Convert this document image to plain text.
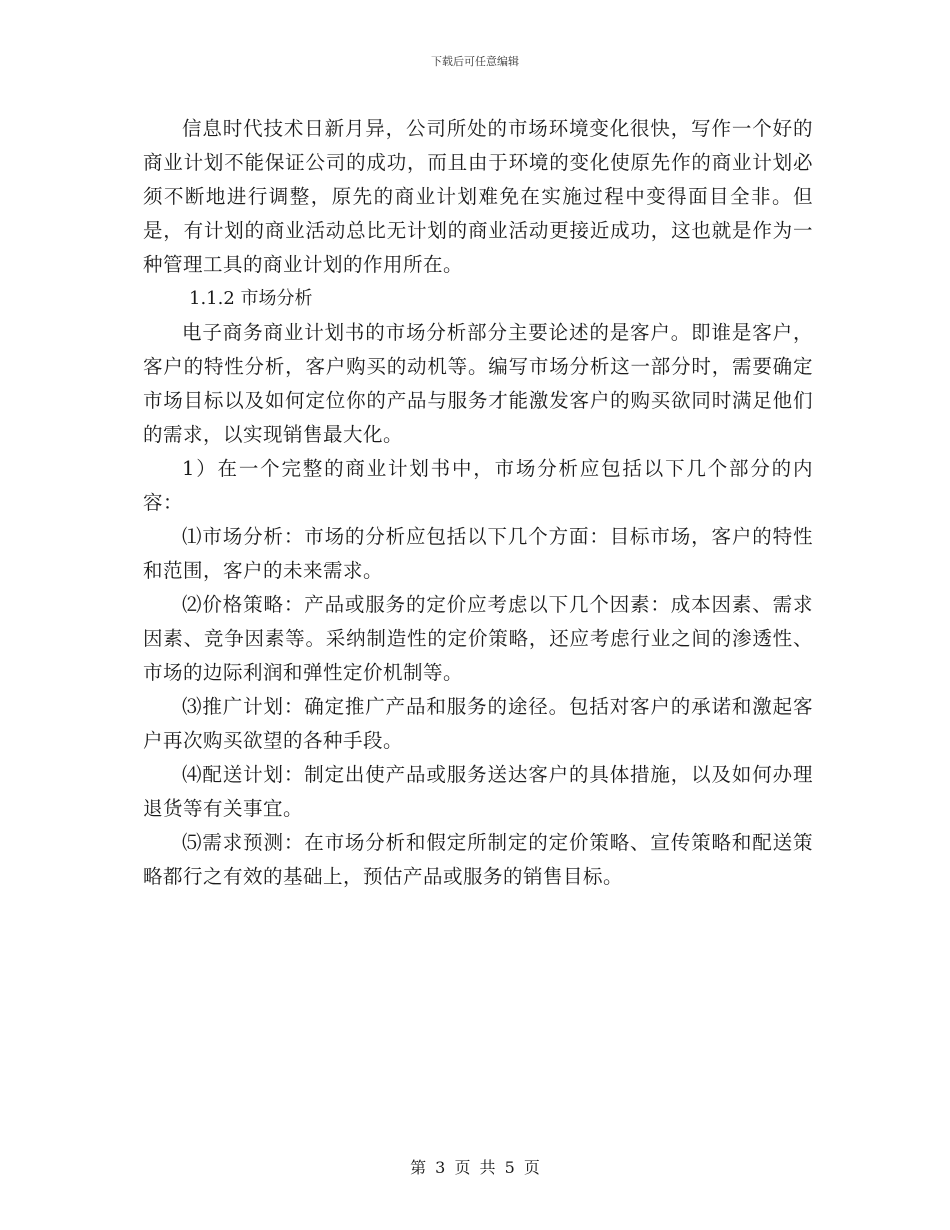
下载后可任意编辑

信息时代技术日新月异，公司所处的市场环境变化很快，写作一个好的商业计划不能保证公司的成功，而且由于环境的变化使原先作的商业计划必须不断地进行调整，原先的商业计划难免在实施过程中变得面目全非。但是，有计划的商业活动总比无计划的商业活动更接近成功，这也就是作为一种管理工具的商业计划的作用所在。

1.1.2 市场分析

电子商务商业计划书的市场分析部分主要论述的是客户。即谁是客户，客户的特性分析，客户购买的动机等。编写市场分析这一部分时，需要确定市场目标以及如何定位你的产品与服务才能激发客户的购买欲同时满足他们的需求，以实现销售最大化。

1）在一个完整的商业计划书中，市场分析应包括以下几个部分的内容：

⑴市场分析：市场的分析应包括以下几个方面：目标市场，客户的特性和范围，客户的未来需求。

⑵价格策略：产品或服务的定价应考虑以下几个因素：成本因素、需求因素、竞争因素等。采纳制造性的定价策略，还应考虑行业之间的渗透性、市场的边际利润和弹性定价机制等。

⑶推广计划：确定推广产品和服务的途径。包括对客户的承诺和激起客户再次购买欲望的各种手段。

⑷配送计划：制定出使产品或服务送达客户的具体措施，以及如何办理退货等有关事宜。

⑸需求预测：在市场分析和假定所制定的定价策略、宣传策略和配送策略都行之有效的基础上，预估产品或服务的销售目标。

第 3 页 共 5 页
